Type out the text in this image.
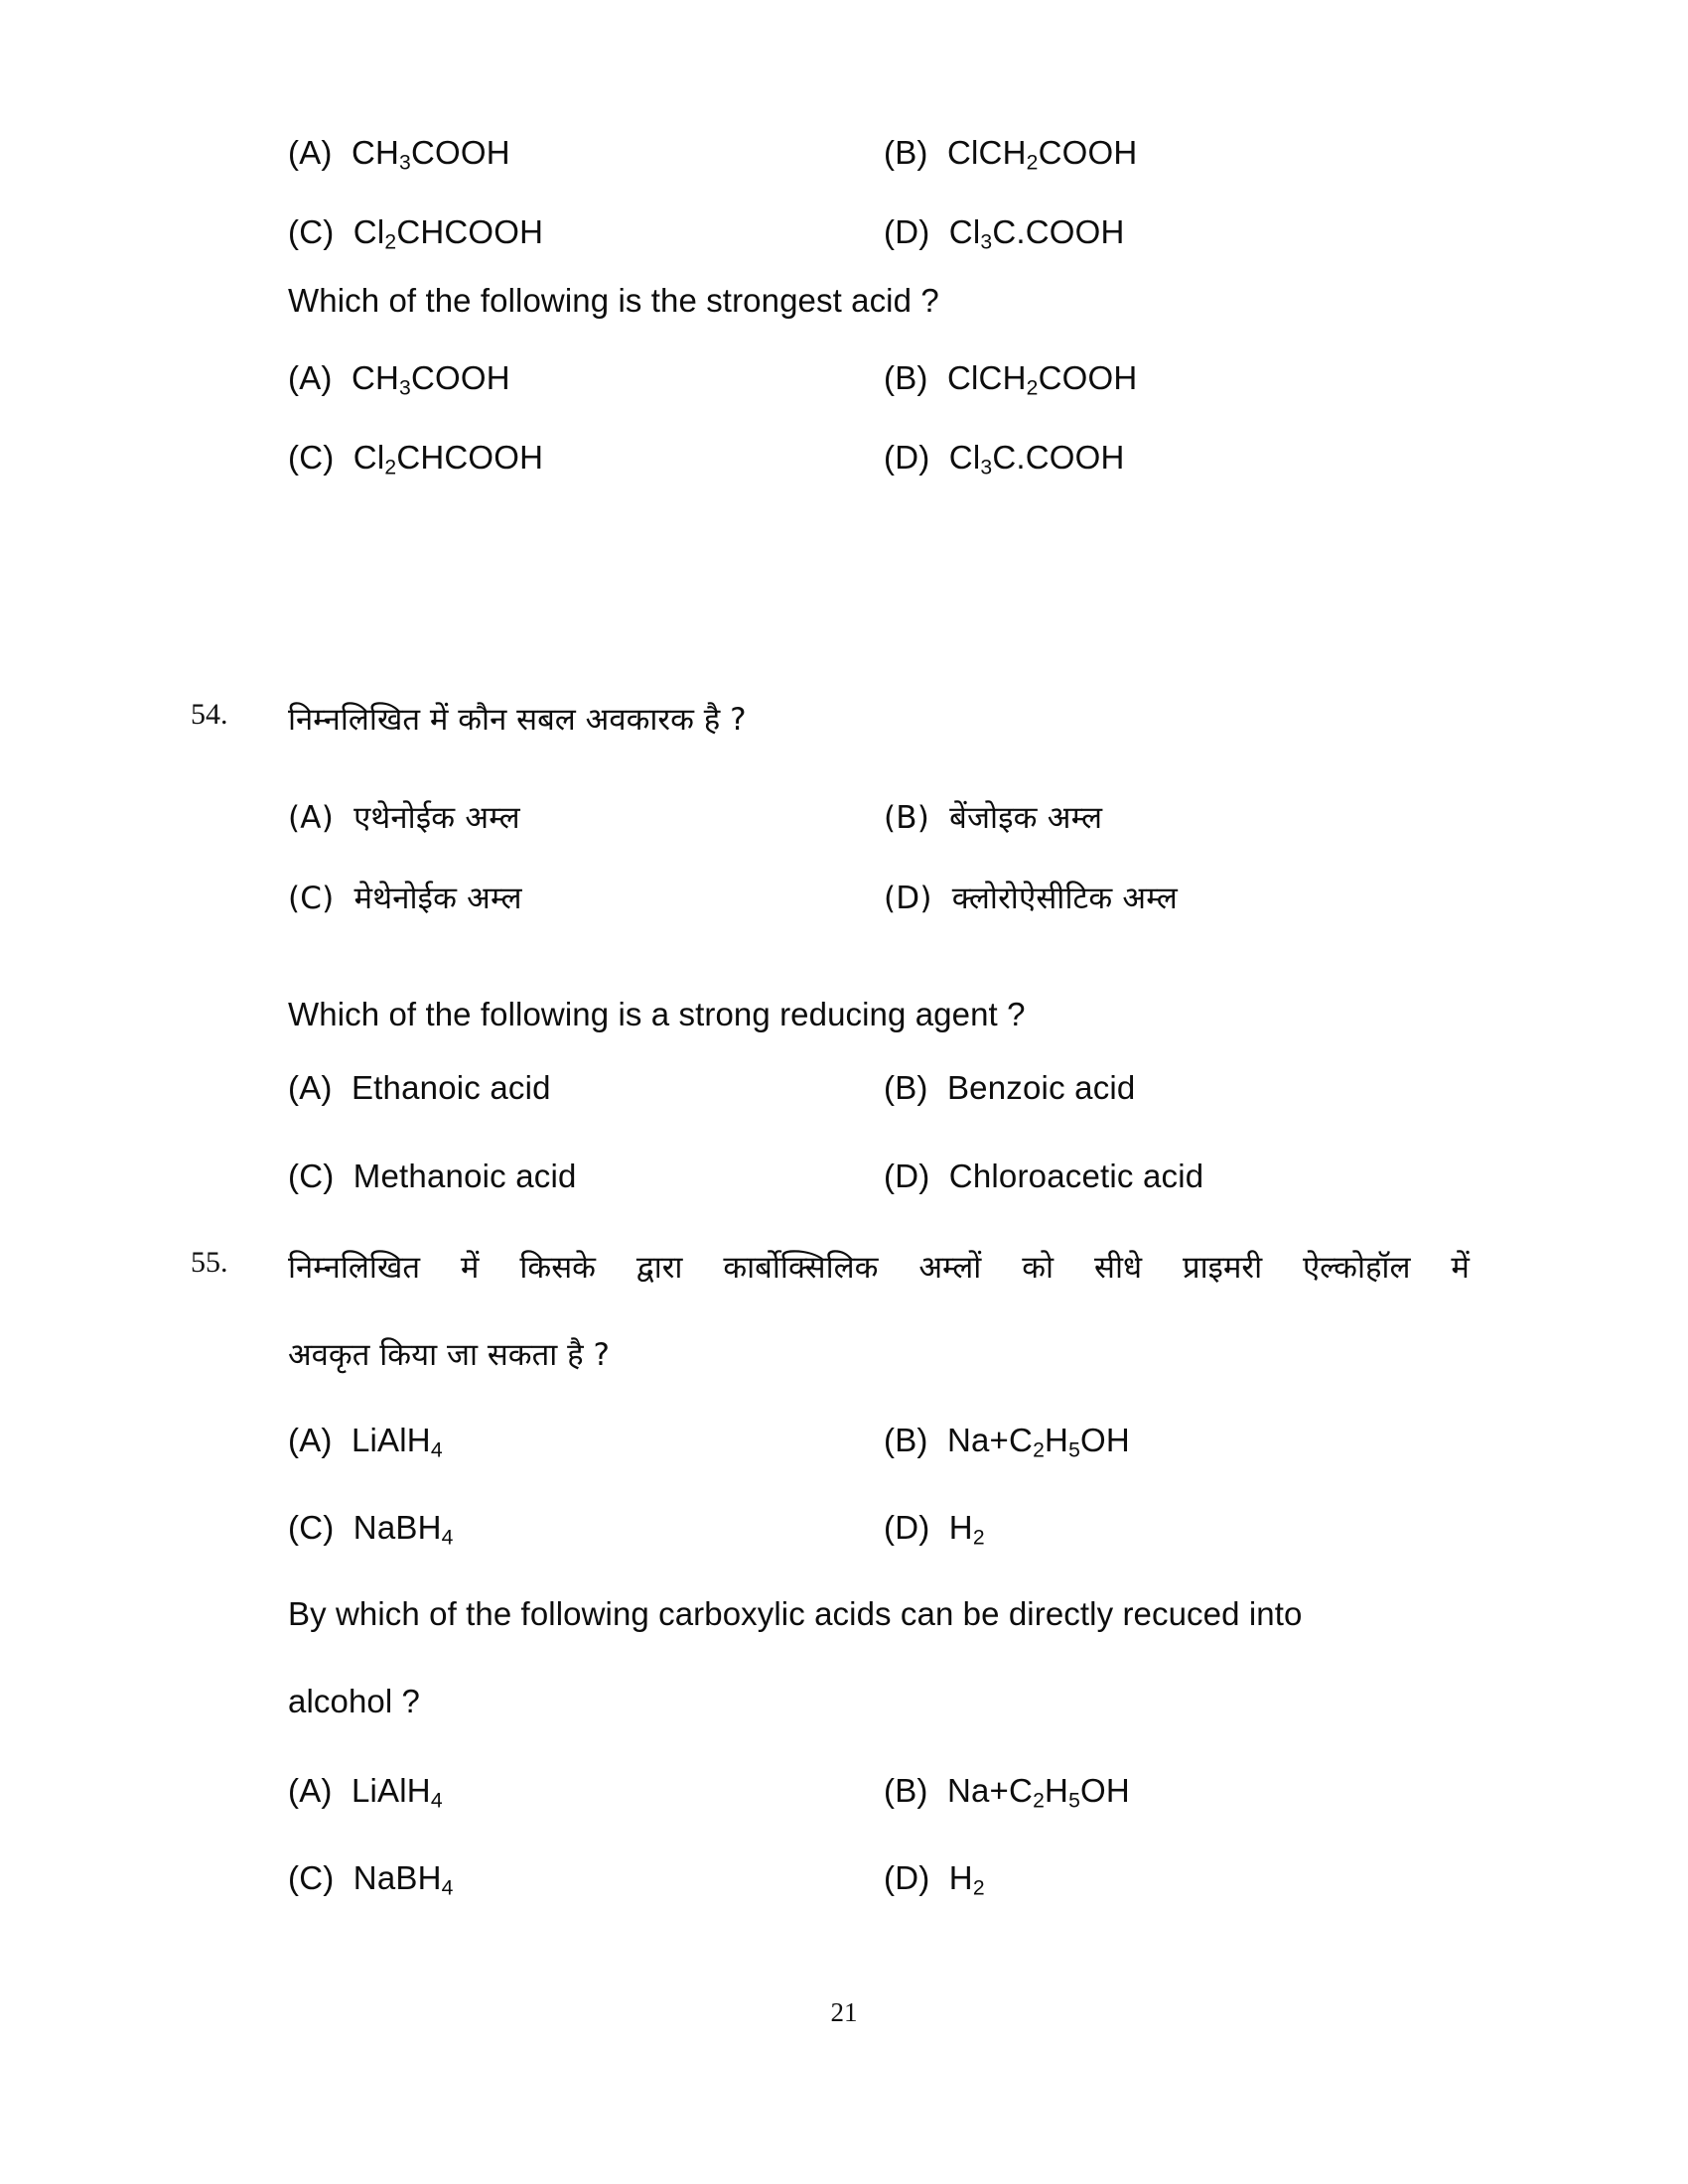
(A) $CH_3COOH$	(B) ClCH$_2$COOH
(C) $Cl_2CHCOOH$	(D) $Cl_3C.COOH$
Which of the following is the strongest acid ?
(A) $CH_3COOH$	(B) ClCH$_2$COOH
(C) $Cl_2CHCOOH$	(D) $Cl_3C.COOH$
54.	निम्नलिखित में कौन सबल अवकारक है ?
(A) एथेनोईक अम्ल	(B) बेंजोइक अम्ल
(C) मेथेनोईक अम्ल	(D) क्लोरोऐसीटिक अम्ल
Which of the following is a strong reducing agent ?
(A) Ethanoic acid	(B) Benzoic acid
(C) Methanoic acid	(D) Chloroacetic acid
55.	निम्नलिखित में किसके द्वारा कार्बोक्सिलिक अम्लों को सीधे प्राइमरी ऐल्कोहॉल में
अवकृत किया जा सकता है ?
(A) LiAlH$_4$	(B) $Na+C_2H_5OH$
(C) NaBH$_4$	(D) $H_2$
By which of the following carboxylic acids can be directly recuced into
alcohol ?
(A) LiAlH$_4$	(B) $Na+C_2H_5OH$
(C) NaBH$_4$	(D) $H_2$
21
